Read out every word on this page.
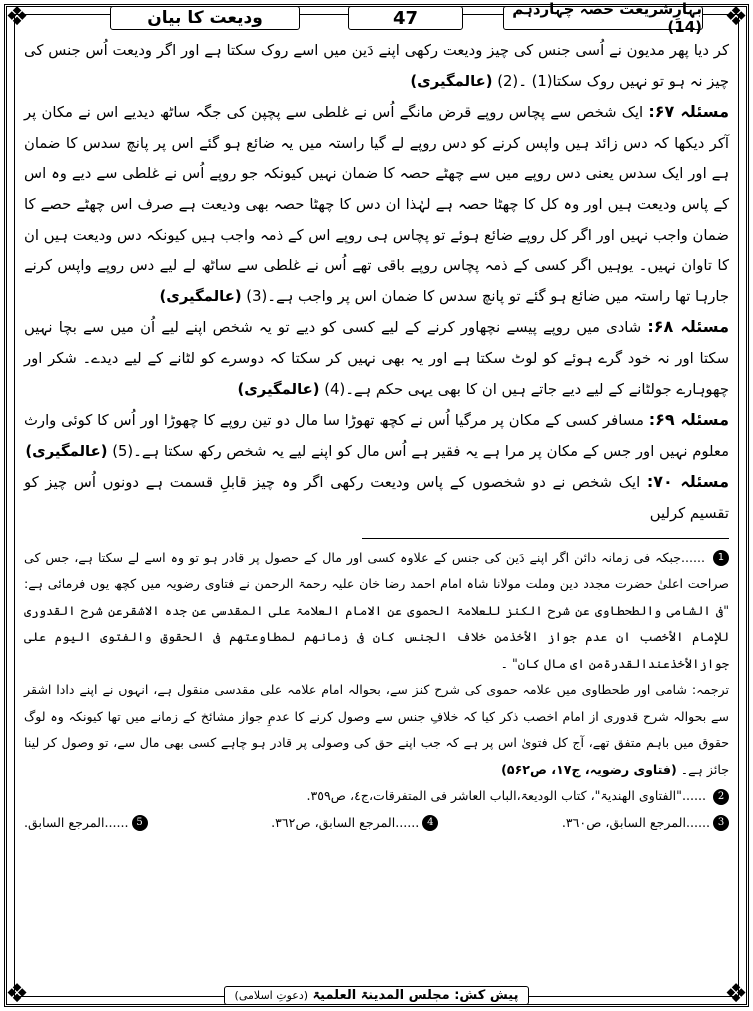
❖	❖
❖	❖
ودیعت کا بیان	47	بہارِشریعت حصہ چہاردہم (14)

کر دیا پھر مدیون نے اُسی جنس کی چیز ودیعت رکھی اپنے دَین میں اسے روک سکتا ہے اور اگر ودیعت اُس جنس کی چیز نہ ہو تو نہیں روک سکتا(1) ۔(2) (عالمگیری)

مسئلہ ۶۷: ایک شخص سے پچاس روپے قرض مانگے اُس نے غلطی سے پچپن کی جگہ ساٹھ دیدیے اس نے مکان پر آکر دیکھا کہ دس زائد ہیں واپس کرنے کو دس روپے لے گیا راستہ میں یہ ضائع ہو گئے اس پر پانچ سدس کا ضمان ہے اور ایک سدس یعنی دس روپے میں سے چھٹے حصہ کا ضمان نہیں کیونکہ جو روپے اُس نے غلطی سے دیے وہ اس کے پاس ودیعت ہیں اور وہ کل کا چھٹا حصہ ہے لہٰذا ان دس کا چھٹا حصہ بھی ودیعت ہے صرف اس چھٹے حصے کا ضمان واجب نہیں اور اگر کل روپے ضائع ہوئے تو پچاس ہی روپے اس کے ذمہ واجب ہیں کیونکہ دس ودیعت ہیں ان کا تاوان نہیں۔ یوہیں اگر کسی کے ذمہ پچاس روپے باقی تھے اُس نے غلطی سے ساٹھ لے لیے دس روپے واپس کرنے جارہا تھا راستہ میں ضائع ہو گئے تو پانچ سدس کا ضمان اس پر واجب ہے۔(3) (عالمگیری)

مسئلہ ۶۸: شادی میں روپے پیسے نچھاور کرنے کے لیے کسی کو دیے تو یہ شخص اپنے لیے اُن میں سے بچا نہیں سکتا اور نہ خود گرے ہوئے کو لوٹ سکتا ہے اور یہ بھی نہیں کر سکتا کہ دوسرے کو لٹانے کے لیے دیدے۔ شکر اور چھوہارے جولٹانے کے لیے دیے جاتے ہیں ان کا بھی یہی حکم ہے۔(4) (عالمگیری)

مسئلہ ۶۹: مسافر کسی کے مکان پر مرگیا اُس نے کچھ تھوڑا سا مال دو تین روپے کا چھوڑا اور اُس کا کوئی وارث معلوم نہیں اور جس کے مکان پر مرا ہے یہ فقیر ہے اُس مال کو اپنے لیے یہ شخص رکھ سکتا ہے۔(5) (عالمگیری)

مسئلہ ۷۰: ایک شخص نے دو شخصوں کے پاس ودیعت رکھی اگر وہ چیز قابلِ قسمت ہے دونوں اُس چیز کو تقسیم کرلیں

1 ......جبکہ فی زمانہ دائن اگر اپنے دَین کی جنس کے علاوہ کسی اور مال کے حصول پر قادر ہو تو وہ اسے لے سکتا ہے، جس کی صراحت اعلیٰ حضرت مجدد دین وملت مولانا شاہ امام احمد رضا خان علیہ رحمۃ الرحمن نے فتاوی رضویہ میں کچھ یوں فرمائی ہے: "فی الشامی والطحطاوی عن شرح الکنز للعلامۃ الحموی عن الامام العلامۃ علی المقدسی عن جدہ الاشقرعن شرح القدوری للإمام الأخصب ان عدم جواز الأخذمن خلاف الجنس کان فی زمانھم لمطاوعتھم فی الحقوق والفتوی الیوم علی جوازالأخذعندالقدرۃمن ای مال کان" ۔

ترجمہ: شامی اور طحطاوی میں علامہ حموی کی شرح کنز سے، بحوالہ امام علامہ علی مقدسی منقول ہے، انہوں نے اپنے دادا اشقر سے بحوالہ شرح قدوری از امام اخصب ذکر کیا کہ خلافِ جنس سے وصول کرنے کا عدمِ جواز مشائخ کے زمانے میں تھا کیونکہ وہ لوگ حقوق میں باہم متفق تھے، آج کل فتویٰ اس پر ہے کہ جب اپنے حق کی وصولی پر قادر ہو چاہے کسی بھی مال سے، تو وصول کر لینا جائز ہے۔ (فتاوی رضویہ، ج۱۷، ص۵۶۲)

2 ......"الفتاوی الھندیۃ"، کتاب الودیعۃ،الباب العاشر فی المتفرقات،ج٤، ص٣٥٩.

3......المرجع السابق، ص٣٦٠.
4......المرجع السابق، ص٣٦٢.
5......المرجع السابق.
پیش کش: مجلس المدینۃ العلمیۃ (دعوتِ اسلامی)
